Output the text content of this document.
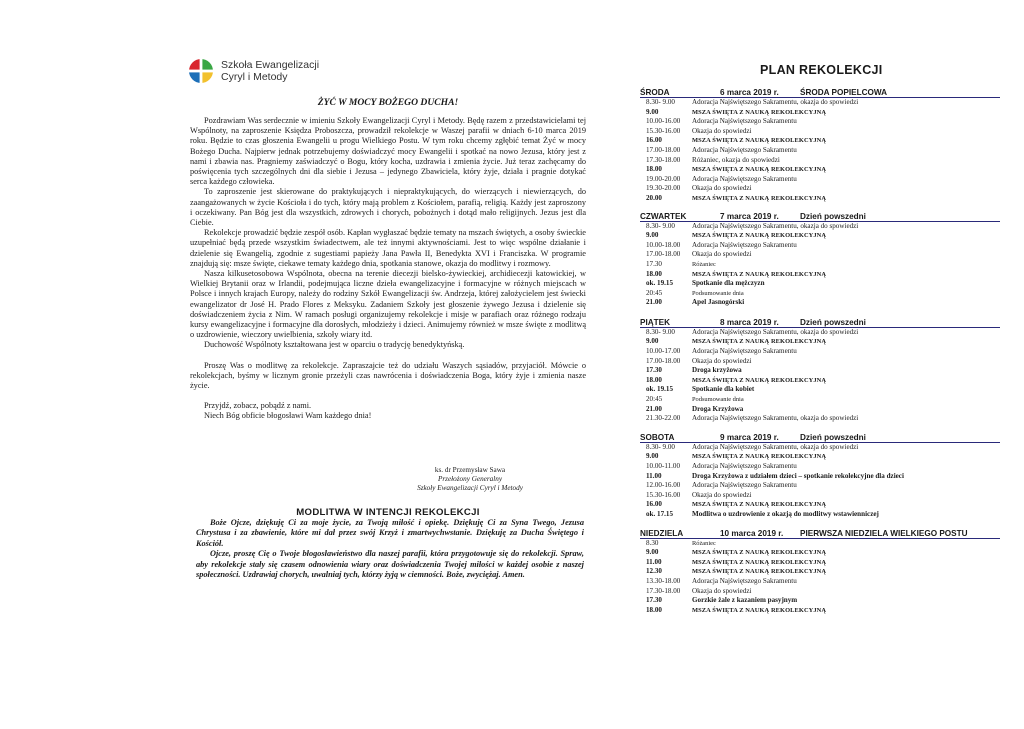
Szkoła Ewangelizacji
Cyryl i Metody
ŻYĆ W MOCY BOŻEGO DUCHA!

Pozdrawiam Was serdecznie w imieniu Szkoły Ewangelizacji Cyryl i Metody. Będę razem z przedstawicielami tej Wspólnoty, na zaproszenie Księdza Proboszcza, prowadził rekolekcje w Waszej parafii w dniach 6-10 marca 2019 roku. Będzie to czas głoszenia Ewangelii u progu Wielkiego Postu. W tym roku chcemy zgłębić temat Żyć w mocy Bożego Ducha. Najpierw jednak potrzebujemy doświadczyć mocy Ewangelii i spotkać na nowo Jezusa, który jest z nami i zbawia nas. Pragniemy zaświadczyć o Bogu, który kocha, uzdrawia i zmienia życie. Już teraz zachęcamy do poświęcenia tych szczególnych dni dla siebie i Jezusa – jedynego Zbawiciela, który żyje, działa i pragnie dotykać serca każdego człowieka.

To zaproszenie jest skierowane do praktykujących i niepraktykujących, do wierzących i niewierzących, do zaangażowanych w życie Kościoła i do tych, który mają problem z Kościołem, parafią, religią. Każdy jest zaproszony i oczekiwany. Pan Bóg jest dla wszystkich, zdrowych i chorych, pobożnych i dotąd mało religijnych. Jezus jest dla Ciebie.

Rekolekcje prowadzić będzie zespół osób. Kapłan wygłaszać będzie tematy na mszach świętych, a osoby świeckie uzupełniać będą przede wszystkim świadectwem, ale też innymi aktywnościami. Jest to więc wspólne działanie i dzielenie się Ewangelią, zgodnie z sugestiami papieży Jana Pawła II, Benedykta XVI i Franciszka. W programie znajdują się: msze święte, ciekawe tematy każdego dnia, spotkania stanowe, okazja do modlitwy i rozmowy.

Nasza kilkusetosobowa Wspólnota, obecna na terenie diecezji bielsko-żywieckiej, archidiecezji katowickiej, w Wielkiej Brytanii oraz w Irlandii, podejmująca liczne dzieła ewangelizacyjne i formacyjne w różnych miejscach w Polsce i innych krajach Europy, należy do rodziny Szkół Ewangelizacji św. Andrzeja, której założycielem jest świecki ewangelizator dr José H. Prado Flores z Meksyku. Zadaniem Szkoły jest głoszenie żywego Jezusa i dzielenie się doświadczeniem życia z Nim. W ramach posługi organizujemy rekolekcje i misje w parafiach oraz różnego rodzaju kursy ewangelizacyjne i formacyjne dla dorosłych, młodzieży i dzieci. Animujemy również w msze święte z modlitwą o uzdrowienie, wieczory uwielbienia, szkoły wiary itd.

Duchowość Wspólnoty kształtowana jest w oparciu o tradycję benedyktyńską.

Proszę Was o modlitwę za rekolekcje. Zapraszajcie też do udziału Waszych sąsiadów, przyjaciół. Mówcie o rekolekcjach, byśmy w licznym gronie przeżyli czas nawrócenia i doświadczenia Boga, który żyje i zmienia nasze życie.

Przyjdź, zobacz, pobądź z nami.

Niech Bóg obficie błogosławi Wam każdego dnia!

ks. dr Przemysław Sawa
Przełożony Generalny
Szkoły Ewangelizacji Cyryl i Metody
MODLITWA W INTENCJI REKOLEKCJI

Boże Ojcze, dziękuję Ci za moje życie, za Twoją miłość i opiekę. Dziękuję Ci za Syna Twego, Jezusa Chrystusa i za zbawienie, które mi dał przez swój Krzyż i zmartwychwstanie. Dziękuję za Ducha Świętego i Kościół.

Ojcze, proszę Cię o Twoje błogosławieństwo dla naszej parafii, która przygotowuje się do rekolekcji. Spraw, aby rekolekcje stały się czasem odnowienia wiary oraz doświadczenia Twojej miłości w każdej osobie z naszej społeczności. Uzdrawiaj chorych, uwalniaj tych, którzy żyją w ciemności. Boże, zwyciężaj. Amen.

PLAN REKOLEKCJI
ŚRODA	6 marca 2019 r.	ŚRODA POPIELCOWA
8.30- 9.00	Adoracja Najświętszego Sakramentu, okazja do spowiedzi
9.00	MSZA ŚWIĘTA Z NAUKĄ REKOLEKCYJNĄ
10.00-16.00	Adoracja Najświętszego Sakramentu
15.30-16.00	Okazja do spowiedzi
16.00	MSZA ŚWIĘTA Z NAUKĄ REKOLEKCYJNĄ
17.00-18.00	Adoracja Najświętszego Sakramentu
17.30-18.00	Różaniec, okazja do spowiedzi
18.00	MSZA ŚWIĘTA Z NAUKĄ REKOLEKCYJNĄ
19.00-20.00	Adoracja Najświętszego Sakramentu
19.30-20.00	Okazja do spowiedzi
20.00	MSZA ŚWIĘTA Z NAUKĄ REKOLEKCYJNĄ
CZWARTEK	7 marca 2019 r.	Dzień powszedni
8.30- 9.00	Adoracja Najświętszego Sakramentu, okazja do spowiedzi
9.00	MSZA ŚWIĘTA Z NAUKĄ REKOLEKCYJNĄ
10.00-18.00	Adoracja Najświętszego Sakramentu
17.00-18.00	Okazja do spowiedzi
17.30	Różaniec
18.00	MSZA ŚWIĘTA Z NAUKĄ REKOLEKCYJNĄ
ok. 19.15	Spotkanie dla mężczyzn
20:45	Podsumowanie dnia
21.00	Apel Jasnogórski
PIĄTEK	8 marca 2019 r.	Dzień powszedni
8.30- 9.00	Adoracja Najświętszego Sakramentu, okazja do spowiedzi
9.00	MSZA ŚWIĘTA Z NAUKĄ REKOLEKCYJNĄ
10.00-17.00	Adoracja Najświętszego Sakramentu
17.00-18.00	Okazja do spowiedzi
17.30	Droga krzyżowa
18.00	MSZA ŚWIĘTA Z NAUKĄ REKOLEKCYJNĄ
ok. 19.15	Spotkanie dla kobiet
20:45	Podsumowanie dnia
21.00	Droga Krzyżowa
21.30-22.00	Adoracja Najświętszego Sakramentu, okazja do spowiedzi
SOBOTA	9 marca 2019 r.	Dzień powszedni
8.30- 9.00	Adoracja Najświętszego Sakramentu, okazja do spowiedzi
9.00	MSZA ŚWIĘTA Z NAUKĄ REKOLEKCYJNĄ
10.00-11.00	Adoracja Najświętszego Sakramentu
11.00	Droga Krzyżowa z udziałem dzieci – spotkanie rekolekcyjne dla dzieci
12.00-16.00	Adoracja Najświętszego Sakramentu
15.30-16.00	Okazja do spowiedzi
16.00	MSZA ŚWIĘTA Z NAUKĄ REKOLEKCYJNĄ
ok. 17.15	Modlitwa o uzdrowienie z okazją do modlitwy wstawienniczej
NIEDZIELA	10 marca 2019 r. PIERWSZA NIEDZIELA WIELKIEGO POSTU
8.30	Różaniec
9.00	MSZA ŚWIĘTA Z NAUKĄ REKOLEKCYJNĄ
11.00	MSZA ŚWIĘTA Z NAUKĄ REKOLEKCYJNĄ
12.30	MSZA ŚWIĘTA Z NAUKĄ REKOLEKCYJNĄ
13.30-18.00	Adoracja Najświętszego Sakramentu
17.30-18.00	Okazja do spowiedzi
17.30	Gorzkie żale z kazaniem pasyjnym
18.00	MSZA ŚWIĘTA Z NAUKĄ REKOLEKCYJNĄ
